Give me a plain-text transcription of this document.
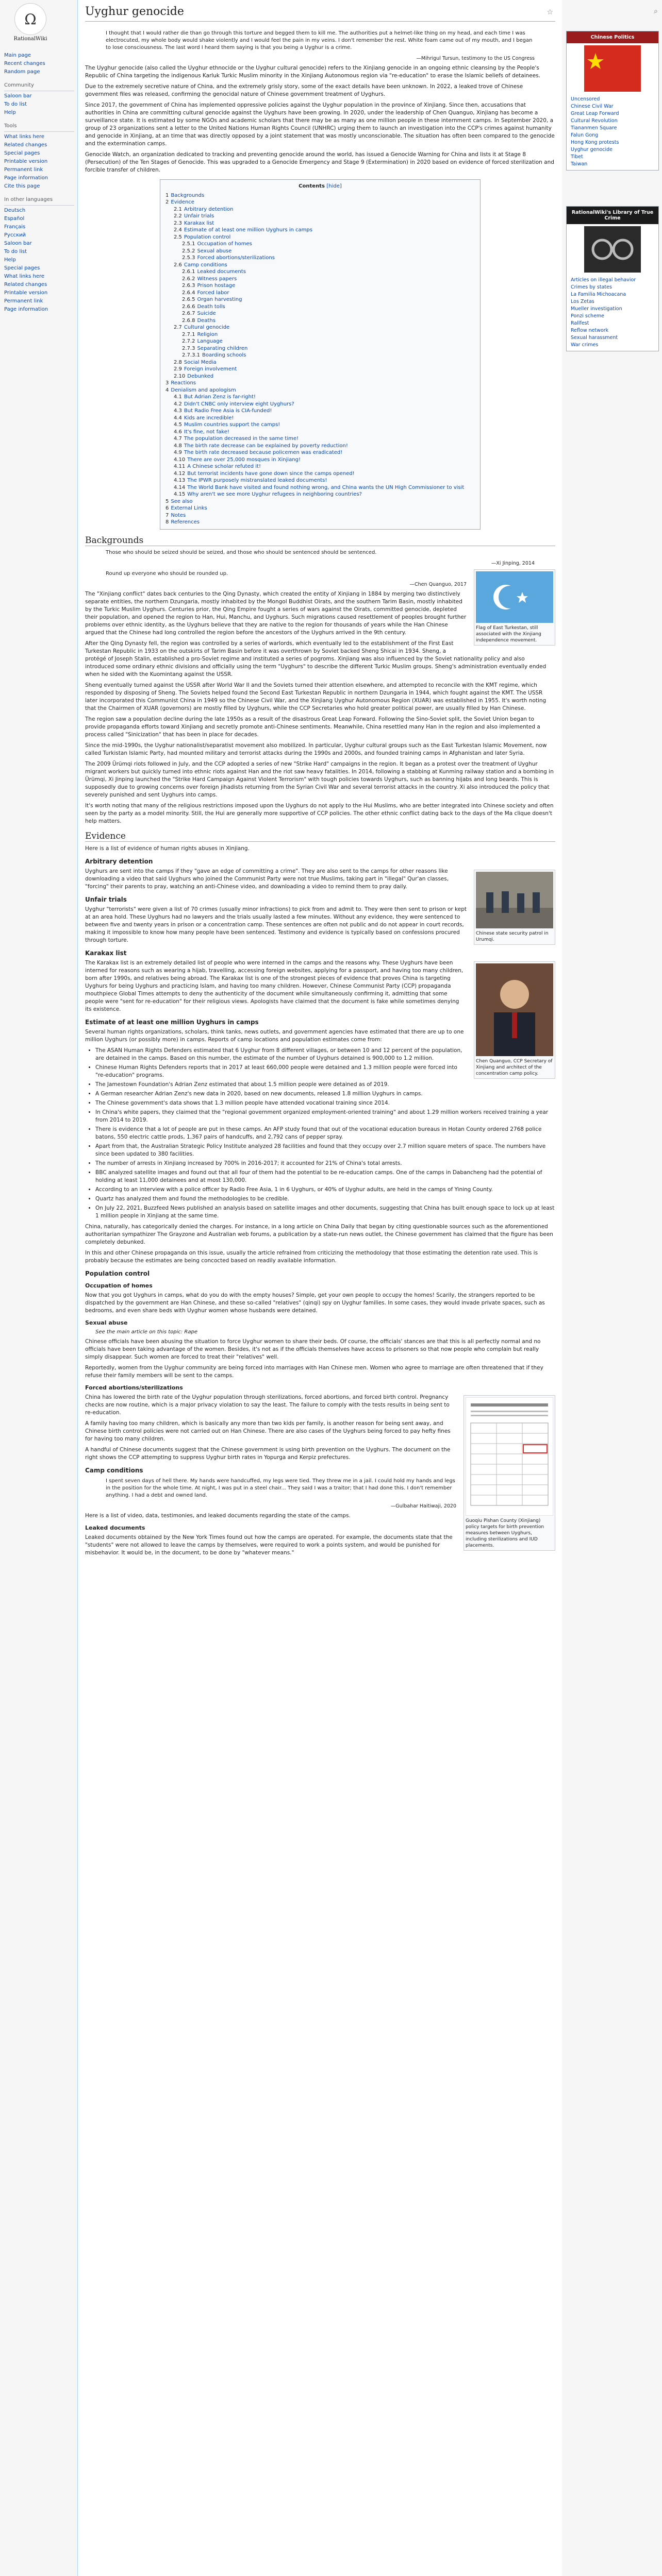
Ω
RationalWiki
Main page
Recent changes
Random page
Community
Saloon bar
To do list
Help
Tools
What links here
Related changes
Special pages
Printable version
Permanent link
Page information
Cite this page
In other languages
Deutsch
Español
Français
Русский
Saloon bar
To do list
Help
Special pages
What links here
Related changes
Printable version
Permanent link
Page information
Uyghur genocide	☆
I thought that I would rather die than go through this torture and begged them to kill me. The authorities put a helmet-like thing on my head, and each time I was electrocuted, my whole body would shake violently and I would feel the pain in my veins. I don't remember the rest. White foam came out of my mouth, and I began to lose consciousness. The last word I heard them saying is that you being a Uyghur is a crime.
—Mihrigul Tursun, testimony to the US Congress

The Uyghur genocide (also called the Uyghur ethnocide or the Uyghur cultural genocide) refers to the Xinjiang genocide in an ongoing ethnic cleansing by the People's Republic of China targeting the indigenous Karluk Turkic Muslim minority in the Xinjiang Autonomous region via "re-education" to erase the Islamic beliefs of detainees.

Due to the extremely secretive nature of China, and the extremely grisly story, some of the exact details have been unknown. In 2022, a leaked trove of Chinese government files was released, confirming the genocidal nature of Chinese government treatment of Uyghurs.

Since 2017, the government of China has implemented oppressive policies against the Uyghur population in the province of Xinjiang. Since then, accusations that authorities in China are committing cultural genocide against the Uyghurs have been growing. In 2020, under the leadership of Chen Quanguo, Xinjiang has become a surveillance state. It is estimated by some NGOs and academic scholars that there may be as many as one million people in these internment camps. In September 2020, a group of 23 organizations sent a letter to the United Nations Human Rights Council (UNHRC) urging them to launch an investigation into the CCP's crimes against humanity and genocide in Xinjiang, at an time that was directly opposed by a joint statement that was mostly unconscionable. The situation has often been compared to the genocide and the extermination camps.

Genocide Watch, an organization dedicated to tracking and preventing genocide around the world, has issued a Genocide Warning for China and lists it at Stage 8 (Persecution) of the Ten Stages of Genocide. This was upgraded to a Genocide Emergency and Stage 9 (Extermination) in 2020 based on evidence of forced sterilization and forcible transfer of children.

Contents [hide]
1 Backgrounds
2 Evidence
2.1 Arbitrary detention
2.2 Unfair trials
2.3 Karakax list
2.4 Estimate of at least one million Uyghurs in camps
2.5 Population control
2.5.1 Occupation of homes
2.5.2 Sexual abuse
2.5.3 Forced abortions/sterilizations
2.6 Camp conditions
2.6.1 Leaked documents
2.6.2 Witness papers
2.6.3 Prison hostage
2.6.4 Forced labor
2.6.5 Organ harvesting
2.6.6 Death tolls
2.6.7 Suicide
2.6.8 Deaths
2.7 Cultural genocide
2.7.1 Religion
2.7.2 Language
2.7.3 Separating children
2.7.3.1 Boarding schools
2.8 Social Media
2.9 Foreign involvement
2.10 Debunked
3 Reactions
4 Denialism and apologism
4.1 But Adrian Zenz is far-right!
4.2 Didn't CNBC only interview eight Uyghurs?
4.3 But Radio Free Asia is CIA-funded!
4.4 Kids are incredible!
4.5 Muslim countries support the camps!
4.6 It's fine, not fake!
4.7 The population decreased in the same time!
4.8 The birth rate decrease can be explained by poverty reduction!
4.9 The birth rate decreased because policemen was eradicated!
4.10 There are over 25,000 mosques in Xinjiang!
4.11 A Chinese scholar refuted it!
4.12 But terrorist incidents have gone down since the camps opened!
4.13 The IPWR purposely mistranslated leaked documents!
4.14 The World Bank have visited and found nothing wrong, and China wants the UN High Commissioner to visit
4.15 Why aren't we see more Uyghur refugees in neighboring countries?
5 See also
6 External Links
7 Notes
8 References
Backgrounds
Those who should be seized should be seized, and those who should be sentenced should be sentenced.
—Xi Jinping, 2014
Flag of East Turkestan, still associated with the Xinjiang independence movement.
Round up everyone who should be rounded up.
—Chen Quanguo, 2017

The "Xinjiang conflict" dates back centuries to the Qing Dynasty, which created the entity of Xinjiang in 1884 by merging two distinctively separate entities, the northern Dzungaria, mostly inhabited by the Mongol Buddhist Oirats, and the southern Tarim Basin, mostly inhabited by the Turkic Muslim Uyghurs. Centuries prior, the Qing Empire fought a series of wars against the Oirats, committed genocide, depleted their population, and opened the region to Han, Hui, Manchu, and Uyghurs. Such migrations caused resettlement of peoples brought further problems over ethnic identity, as the Uyghurs believe that they are native to the region for thousands of years while the Han Chinese argued that the Chinese had long controlled the region before the ancestors of the Uyghurs arrived in the 9th century.

After the Qing Dynasty fell, the region was controlled by a series of warlords, which eventually led to the establishment of the First East Turkestan Republic in 1933 on the outskirts of Tarim Basin before it was overthrown by Soviet backed Sheng Shicai in 1934. Sheng, a protégé of Joseph Stalin, established a pro-Soviet regime and instituted a series of pogroms. Xinjiang was also influenced by the Soviet nationality policy and also introduced some ordinary ethnic divisions and officially using the term "Uyghurs" to describe the different Turkic Muslim groups. Sheng's administration eventually ended when he sided with the Kuomintang against the USSR.

Sheng eventually turned against the USSR after World War II and the Soviets turned their attention elsewhere, and attempted to reconcile with the KMT regime, which responded by disposing of Sheng. The Soviets helped found the Second East Turkestan Republic in northern Dzungaria in 1944, which fought against the KMT. The USSR later incorporated this Communist China in 1949 so the Chinese Civil War, and the Xinjiang Uyghur Autonomous Region (XUAR) was established in 1955. It's worth noting that the Chairmen of XUAR (governors) are mostly filled by Uyghurs, while the CCP Secretaries who hold greater political power, are usually filled by Han Chinese.

The region saw a population decline during the late 1950s as a result of the disastrous Great Leap Forward. Following the Sino-Soviet split, the Soviet Union began to provide propaganda efforts toward Xinjiang and secretly promote anti-Chinese sentiments. Meanwhile, China resettled many Han in the region and also implemented a process called "Sinicization" that has been in place for decades.

Since the mid-1990s, the Uyghur nationalist/separatist movement also mobilized. In particular, Uyghur cultural groups such as the East Turkestan Islamic Movement, now called Turkistan Islamic Party, had mounted military and terrorist attacks during the 1990s and 2000s, and founded training camps in Afghanistan and later Syria.

The 2009 Ürümqi riots followed in July, and the CCP adopted a series of new "Strike Hard" campaigns in the region. It began as a protest over the treatment of Uyghur migrant workers but quickly turned into ethnic riots against Han and the riot saw heavy fatalities. In 2014, following a stabbing at Kunming railway station and a bombing in Ürümqi, Xi Jinping launched the "Strike Hard Campaign Against Violent Terrorism" with tough policies towards Uyghurs, such as banning hijabs and long beards. This is supposedly due to growing concerns over foreign jihadists returning from the Syrian Civil War and several terrorist attacks in the country. Xi also introduced the policy that severely punished and sent Uyghurs into camps.

It's worth noting that many of the religious restrictions imposed upon the Uyghurs do not apply to the Hui Muslims, who are better integrated into Chinese society and often seen by the party as a model minority. Still, the Hui are generally more supportive of CCP policies. The other ethnic conflict dating back to the days of the Ma clique doesn't help matters.

Evidence

Here is a list of evidence of human rights abuses in Xinjiang.

Arbitrary detention
Chinese state security patrol in Urumqi.

Uyghurs are sent into the camps if they "gave an edge of committing a crime". They are also sent to the camps for other reasons like downloading a video that said Uyghurs who joined the Communist Party were not true Muslims, taking part in "illegal" Qur'an classes, "forcing" their parents to pray, watching an anti-Chinese video, and downloading a video to remind them to pray daily.

Unfair trials

Uyghur "terrorists" were given a list of 70 crimes (usually minor infractions) to pick from and admit to. They were then sent to prison or kept at an area hold. These Uyghurs had no lawyers and the trials usually lasted a few minutes. Without any evidence, they were sentenced to between five and twenty years in prison or a concentration camp. These sentences are often not public and do not appear in court records, making it impossible to know how many people have been sentenced. Testimony and evidence is typically based on confessions procured through torture.

Karakax list
Chen Quanguo, CCP Secretary of Xinjiang and architect of the concentration camp policy.

The Karakax list is an extremely detailed list of people who were interned in the camps and the reasons why. These Uyghurs have been interned for reasons such as wearing a hijab, travelling, accessing foreign websites, applying for a passport, and having too many children, born after 1990s, and relatives being abroad. The Karakax list is one of the strongest pieces of evidence that proves China is targeting Uyghurs for being Uyghurs and practicing Islam, and having too many children. However, Chinese Communist Party (CCP) propaganda mouthpiece Global Times attempts to deny the authenticity of the document while simultaneously confirming it, admitting that some people were "sent for re-education" for their religious views. Apologists have claimed that the document is fake while sometimes denying its existence.

Estimate of at least one million Uyghurs in camps

Several human rights organizations, scholars, think tanks, news outlets, and government agencies have estimated that there are up to one million Uyghurs (or possibly more) in camps. Reports of camp locations and population estimates come from:

• The ASAN Human Rights Defenders estimated that 6 Uyghur from 8 different villages, or between 10 and 12 percent of the population, are detained in the camps. Based on this number, the estimate of the number of Uyghurs detained is 900,000 to 1.2 million.
• Chinese Human Rights Defenders reports that in 2017 at least 660,000 people were detained and 1.3 million people were forced into "re-education" programs.
• The Jamestown Foundation's Adrian Zenz estimated that about 1.5 million people were detained as of 2019.
• A German researcher Adrian Zenz's new data in 2020, based on new documents, released 1.8 million Uyghurs in camps.
• The Chinese government's data shows that 1.3 million people have attended vocational training since 2014.
• In China's white papers, they claimed that the "regional government organized employment-oriented training" and about 1.29 million workers received training a year from 2014 to 2019.
• There is evidence that a lot of people are put in these camps. An AFP study found that out of the vocational education bureaus in Hotan County ordered 2768 police batons, 550 electric cattle prods, 1,367 pairs of handcuffs, and 2,792 cans of pepper spray.
• Apart from that, the Australian Strategic Policy Institute analyzed 28 facilities and found that they occupy over 2.7 million square meters of space. The numbers have since been updated to 380 facilities.
• The number of arrests in Xinjiang increased by 700% in 2016-2017; it accounted for 21% of China's total arrests.
• BBC analyzed satellite images and found out that all four of them had the potential to be re-education camps. One of the camps in Dabancheng had the potential of holding at least 11,000 detainees and at most 130,000.
• According to an interview with a police officer by Radio Free Asia, 1 in 6 Uyghurs, or 40% of Uyghur adults, are held in the camps of Yining County.
• Quartz has analyzed them and found the methodologies to be credible.
• On July 22, 2021, Buzzfeed News published an analysis based on satellite images and other documents, suggesting that China has built enough space to lock up at least 1 million people in Xinjiang at the same time.

China, naturally, has categorically denied the charges. For instance, in a long article on China Daily that began by citing questionable sources such as the aforementioned authoritarian sympathizer The Grayzone and Australian web forums, a publication by a state-run news outlet, the Chinese government has claimed that the figure has been completely debunked.

In this and other Chinese propaganda on this issue, usually the article refrained from criticizing the methodology that those estimating the detention rate used. This is probably because the estimates are being concocted based on readily available information.

Population control
Occupation of homes

Now that you got Uyghurs in camps, what do you do with the empty houses? Simple, get your own people to occupy the homes! Scarily, the strangers reported to be dispatched by the government are Han Chinese, and these so-called "relatives" (qinqi) spy on Uyghur families. In some cases, they would invade private spaces, such as bedrooms, and even share beds with Uyghur women whose husbands were detained.

Sexual abuse
See the main article on this topic: Rape

Chinese officials have been abusing the situation to force Uyghur women to share their beds. Of course, the officials' stances are that this is all perfectly normal and no officials have been taking advantage of the women. Besides, it's not as if the officials themselves have access to prisoners so that now people who complain but really simply disappear. Such women are forced to treat their "relatives" well.

Reportedly, women from the Uyghur community are being forced into marriages with Han Chinese men. Women who agree to marriage are often threatened that if they refuse their family members will be sent to the camps.

Forced abortions/sterilizations
Guoqiu Pishan County (Xinjiang) policy targets for birth prevention measures between Uyghurs, including sterilizations and IUD placements.

China has lowered the birth rate of the Uyghur population through sterilizations, forced abortions, and forced birth control. Pregnancy checks are now routine, which is a major privacy violation to say the least. The failure to comply with the tests results in being sent to re-education.

A family having too many children, which is basically any more than two kids per family, is another reason for being sent away, and Chinese birth control policies were not carried out on Han Chinese. There are also cases of the Uyghurs being forced to pay hefty fines for having too many children.

A handful of Chinese documents suggest that the Chinese government is using birth prevention on the Uyghurs. The document on the right shows the CCP attempting to suppress Uyghur birth rates in Yopurga and Kerpiz prefectures.

Camp conditions
I spent seven days of hell there. My hands were handcuffed, my legs were tied. They threw me in a jail. I could hold my hands and legs in the position for the whole time. At night, I was put in a steel chair... They said I was a traitor; that I had done this. I don't remember anything. I had a debt and owned land.
—Gulbahar Haitiwaji, 2020

Here is a list of video, data, testimonies, and leaked documents regarding the state of the camps.

Leaked documents

Leaked documents obtained by the New York Times found out how the camps are operated. For example, the documents state that the "students" were not allowed to leave the camps by themselves, were required to work a points system, and would be punished for misbehavior. It would be, in the document, to be done by "whatever means."

⌕
Chinese Politics
Uncensored
Chinese Civil War
Great Leap Forward
Cultural Revolution
Tiananmen Square
Falun Gong
Hong Kong protests
Uyghur genocide
Tibet
Taiwan
RationalWiki's Library of True Crime
Articles on illegal behavior
Crimes by states
La Familia Michoacana
Los Zetas
Mueller investigation
Ponzi scheme
Rallfest
Reflow network
Sexual harassment
War crimes
